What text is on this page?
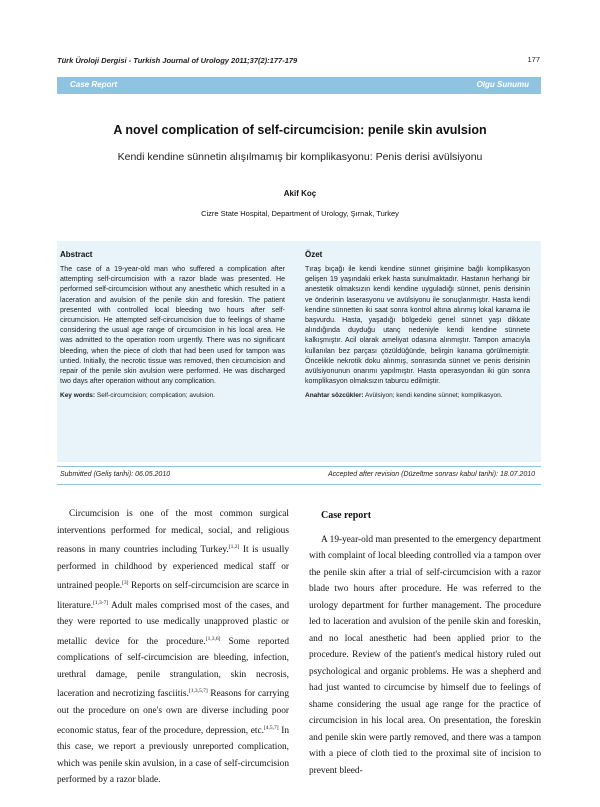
Türk Üroloji Dergisi - Turkish Journal of Urology 2011;37(2):177-179	177
Case Report	Olgu Sunumu
A novel complication of self-circumcision: penile skin avulsion
Kendi kendine sünnetin alışılmamış bir komplikasyonu: Penis derisi avülsiyonu
Akif Koç
Cizre State Hospital, Department of Urology, Şırnak, Turkey
Abstract
The case of a 19-year-old man who suffered a complication after attempting self-circumcision with a razor blade was presented. He performed self-circumcision without any anesthetic which resulted in a laceration and avulsion of the penile skin and foreskin. The patient presented with controlled local bleeding two hours after self-circumcision. He attempted self-circumcision due to feelings of shame considering the usual age range of circumcision in his local area. He was admitted to the operation room urgently. There was no significant bleeding, when the piece of cloth that had been used for tampon was untied. Initially, the necrotic tissue was removed, then circumcision and repair of the penile skin avulsion were performed. He was discharged two days after operation without any complication.
Key words: Self-circumcision; complication; avulsion.
Özet
Tıraş bıçağı ile kendi kendine sünnet girişimine bağlı komplikasyon gelişen 19 yaşındaki erkek hasta sunulmaktadır. Hastanın herhangi bir anestetik olmaksızın kendi kendine uyguladığı sünnet, penis derisinin ve önderinin laserasyonu ve avülsiyonu ile sonuçlanmıştır. Hasta kendi kendine sünnetten iki saat sonra kontrol altına alınmış lokal kanama ile başvurdu. Hasta, yaşadığı bölgedeki genel sünnet yaşı dikkate alındığında duyduğu utanç nedeniyle kendi kendine sünnete kalkışmıştır. Acil olarak ameliyat odasına alınmıştır. Tampon amacıyla kullanılan bez parçası çözüldüğünde, belirgin kanama görülmemiştir. Öncelikle nekrotik doku alınmış, sonrasında sünnet ve penis derisinin avülsiyonunun onarımı yapılmıştır. Hasta operasyondan iki gün sonra komplikasyon olmaksızın taburcu edilmiştir.
Anahtar sözcükler: Avülsiyon; kendi kendine sünnet; komplikasyon.
Submitted (Geliş tarihi): 06.05.2010	Accepted after revision (Düzeltme sonrası kabul tarihi): 18.07.2010
Circumcision is one of the most common surgical interventions performed for medical, social, and religious reasons in many countries including Turkey.[1,2] It is usually performed in childhood by experienced medical staff or untrained people.[3] Reports on self-circumcision are scarce in literature.[1,3-7] Adult males comprised most of the cases, and they were reported to use medically unapproved plastic or metallic device for the procedure.[1,3,6] Some reported complications of self-circumcision are bleeding, infection, urethral damage, penile strangulation, skin necrosis, laceration and necrotizing fasciitis.[1,3,5,7] Reasons for carrying out the procedure on one's own are diverse including poor economic status, fear of the procedure, depression, etc.[4,5,7] In this case, we report a previously unreported complication, which was penile skin avulsion, in a case of self-circumcision performed by a razor blade.
Case report
A 19-year-old man presented to the emergency department with complaint of local bleeding controlled via a tampon over the penile skin after a trial of self-circumcision with a razor blade two hours after procedure. He was referred to the urology department for further management. The procedure led to laceration and avulsion of the penile skin and foreskin, and no local anesthetic had been applied prior to the procedure. Review of the patient's medical history ruled out psychological and organic problems. He was a shepherd and had just wanted to circumcise by himself due to feelings of shame considering the usual age range for the practice of circumcision in his local area. On presentation, the foreskin and penile skin were partly removed, and there was a tampon with a piece of cloth tied to the proximal site of incision to prevent bleed-
